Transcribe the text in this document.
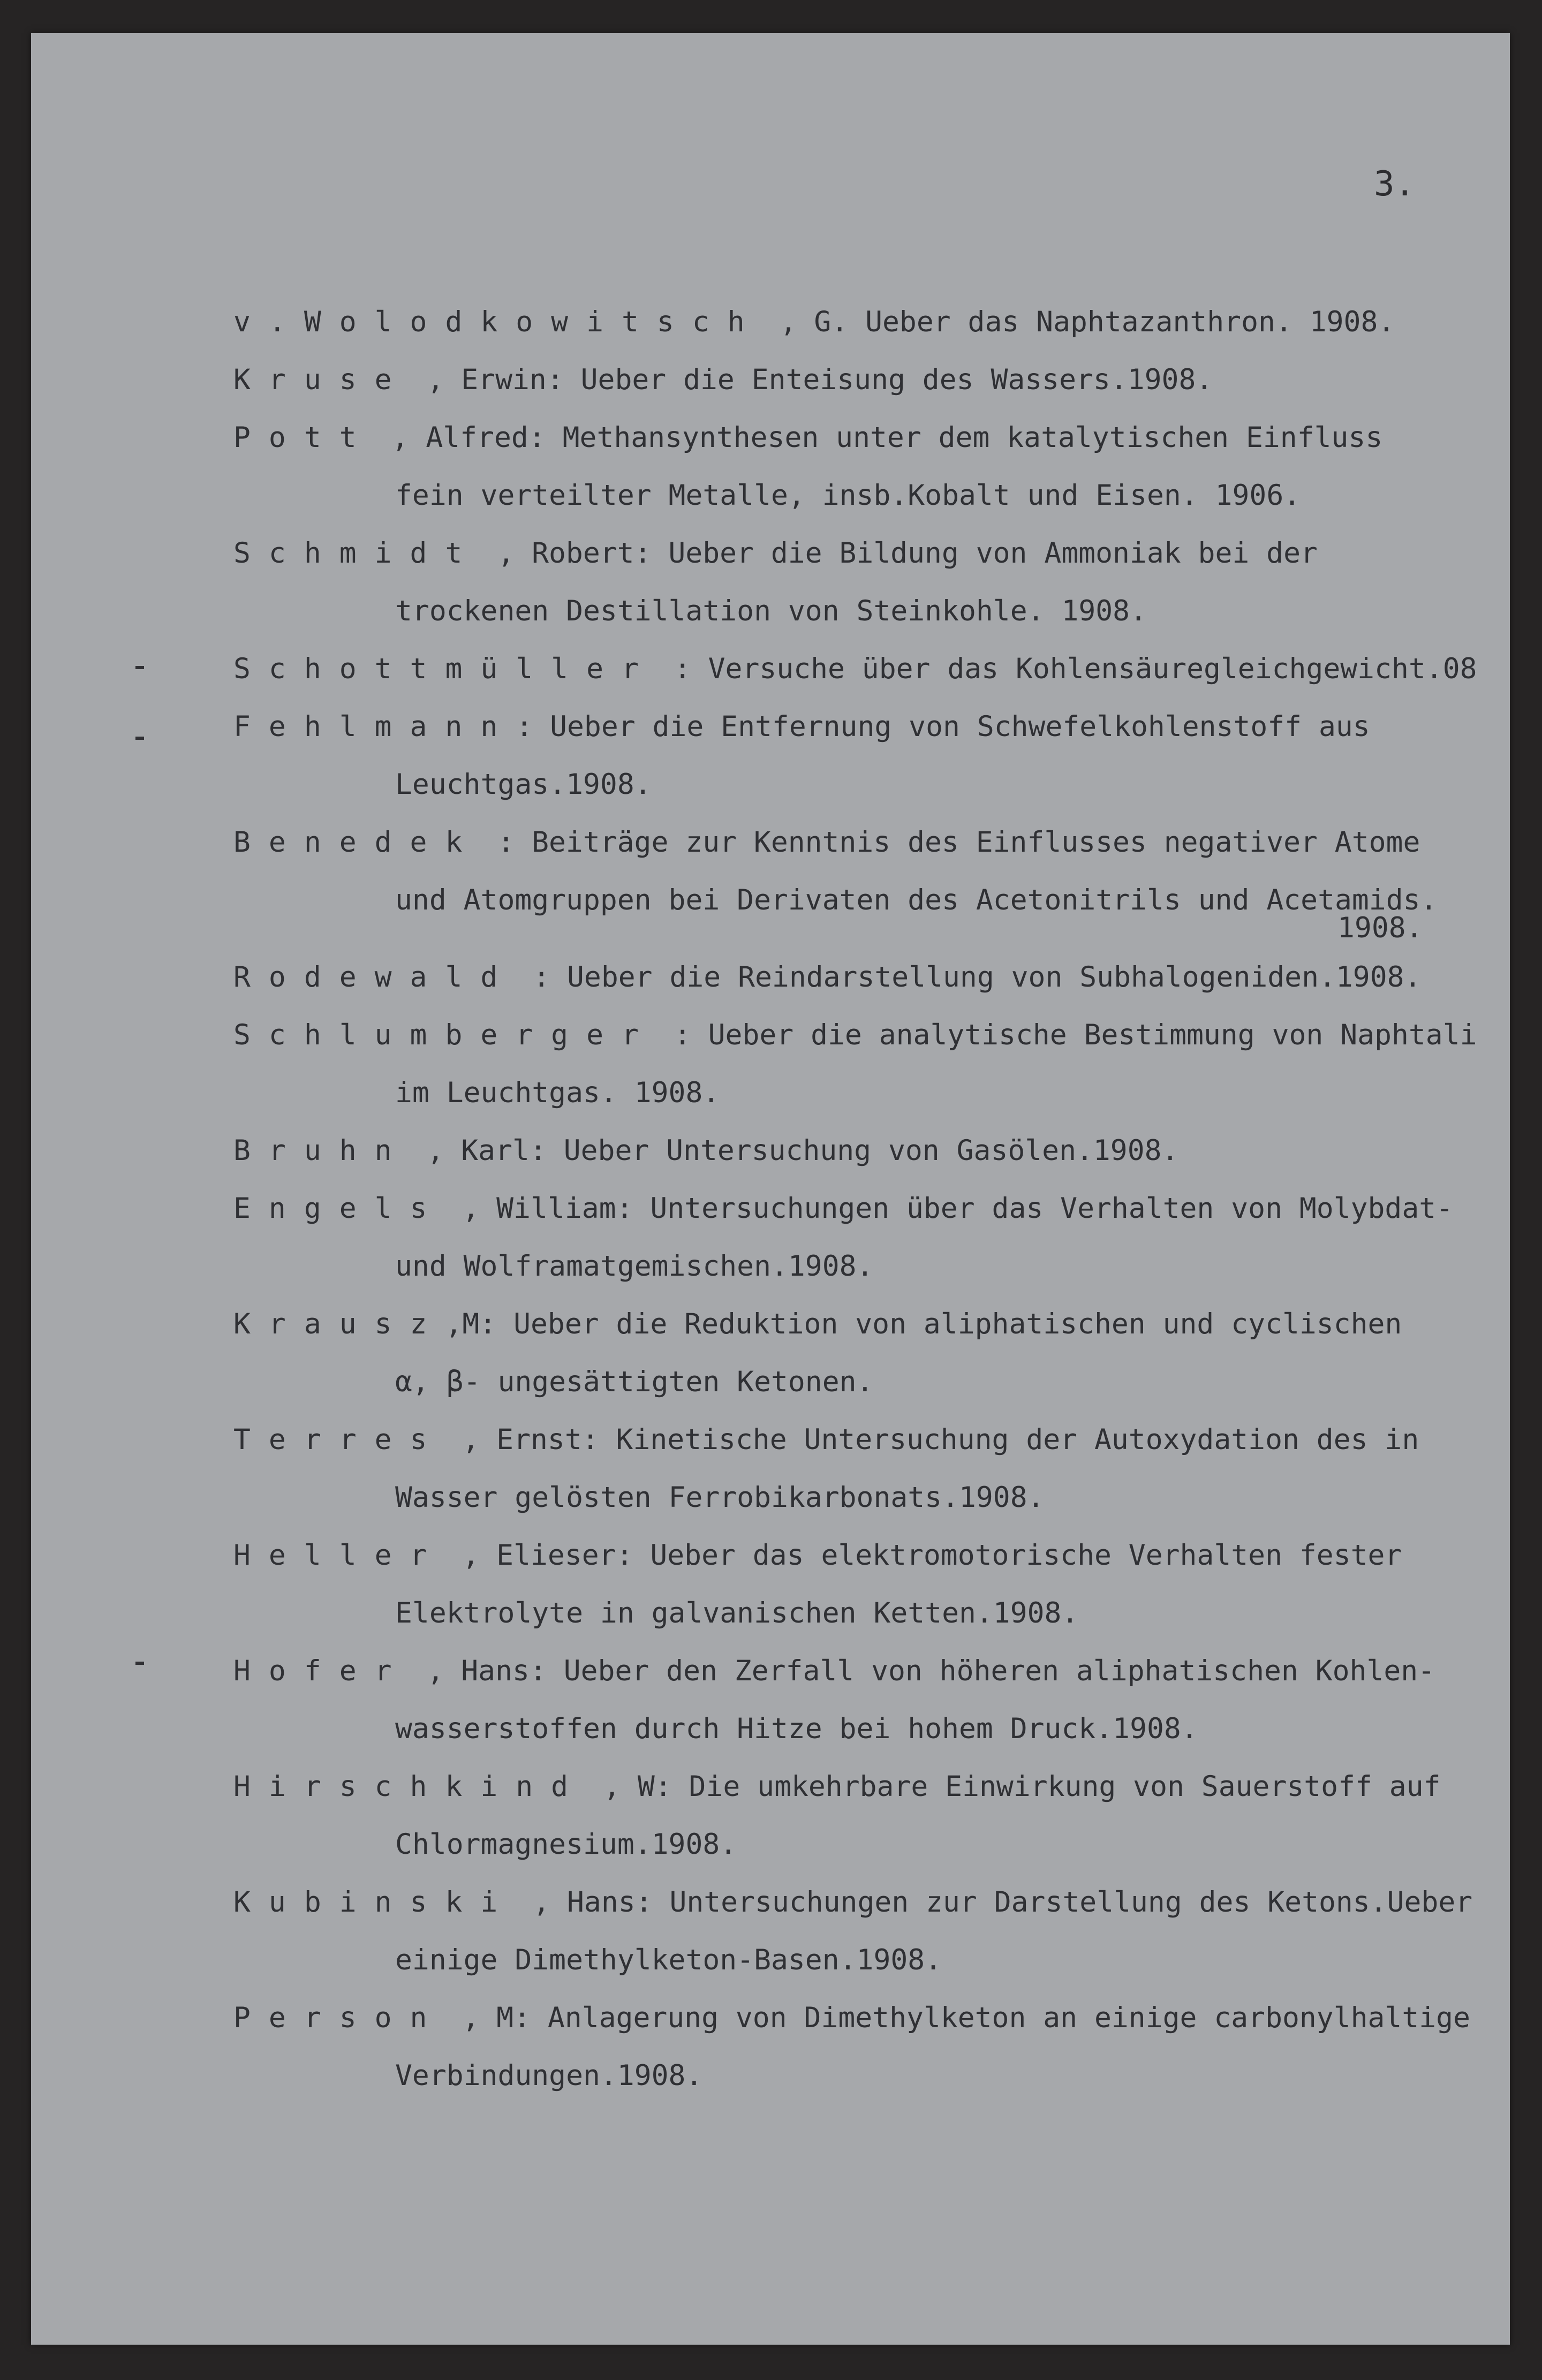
3.
v.Wolodkowitsch , G. Ueber das Naphtazanthron. 1908.
Kruse , Erwin: Ueber die Enteisung des Wassers.1908.
Pott , Alfred: Methansynthesen unter dem katalytischen Einfluss
fein verteilter Metalle, insb.Kobalt und Eisen. 1906.
Schmidt , Robert: Ueber die Bildung von Ammoniak bei der
trockenen Destillation von Steinkohle. 1908.
Schottmüller : Versuche über das Kohlensäuregleichgewicht.08
Fehlmann: Ueber die Entfernung von Schwefelkohlenstoff aus
Leuchtgas.1908.
Benedek : Beiträge zur Kenntnis des Einflusses negativer Atome
und Atomgruppen bei Derivaten des Acetonitrils und Acetamids.
1908.
Rodewald : Ueber die Reindarstellung von Subhalogeniden.1908.
Schlumberger : Ueber die analytische Bestimmung von Naphtali
im Leuchtgas. 1908.
Bruhn , Karl: Ueber Untersuchung von Gasölen.1908.
Engels , William: Untersuchungen über das Verhalten von Molybdat-
und Wolframatgemischen.1908.
Krausz,M: Ueber die Reduktion von aliphatischen und cyclischen
α, β- ungesättigten Ketonen.
Terres , Ernst: Kinetische Untersuchung der Autoxydation des in
Wasser gelösten Ferrobikarbonats.1908.
Heller , Elieser: Ueber das elektromotorische Verhalten fester
Elektrolyte in galvanischen Ketten.1908.
Hofer , Hans: Ueber den Zerfall von höheren aliphatischen Kohlen-
wasserstoffen durch Hitze bei hohem Druck.1908.
Hirschkind , W: Die umkehrbare Einwirkung von Sauerstoff auf
Chlormagnesium.1908.
Kubinski , Hans: Untersuchungen zur Darstellung des Ketons.Ueber
einige Dimethylketon-Basen.1908.
Person , M: Anlagerung von Dimethylketon an einige carbonylhaltige
Verbindungen.1908.
